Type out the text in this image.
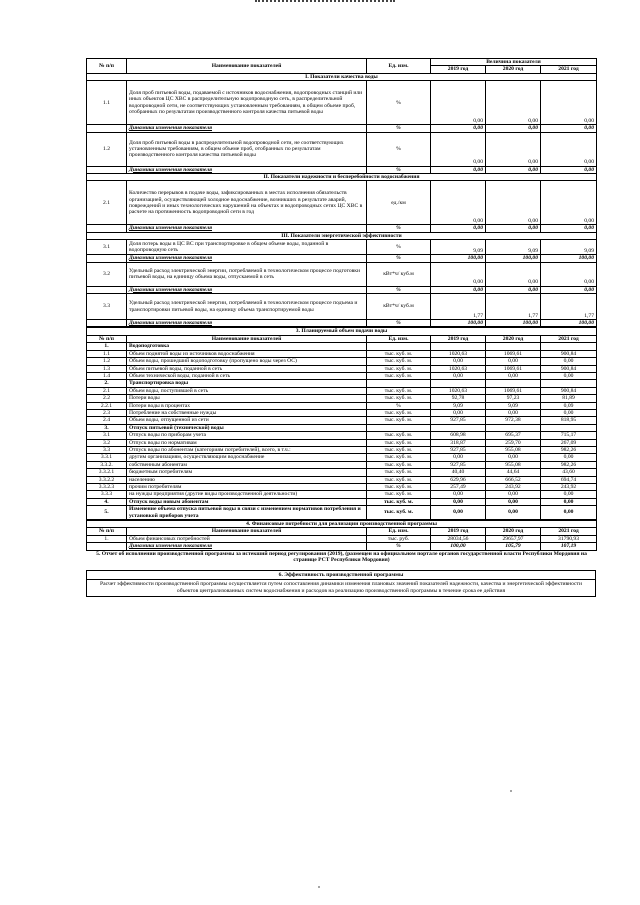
№ п/п	Наименование показателей	Ед. изм.	Величина показателя		
			2019 год	2020 год	2021 год
I. Показатели качества воды					
1.1	Доля проб питьевой воды, подаваемой с источников водоснабжения, водопроводных станций или иных объектов ЦС ХВС в распределительную водопроводную сеть, в распределительной водопроводной сети, не соответствующих установленным требованиям, в общем объеме проб, отобранных по результатам производственного контроля качества питьевой воды	%	0,00	0,00	0,00
	Динамика изменения показателя	%	0,00	0,00	0,00
1.2	Доля проб питьевой воды в распределительной водопроводной сети, не соответствующих установленным требованиям, в общем объеме проб, отобранных по результатам производственного контроля качества питьевой воды	%	0,00	0,00	0,00
	Динамика изменения показателя	%	0,00	0,00	0,00
II. Показатели надежности и бесперебойности водоснабжения					
2.1	Количество перерывов в подаче воды, зафиксированных в местах исполнения обязательств организацией, осуществляющей холодное водоснабжение, возникших в результате аварий, повреждений и иных технологических нарушений на объектах и водопроводных сетях ЦС ХВС в расчете на протяженность водопроводной сети в год	ед./км	0,00	0,00	0,00
	Динамика изменения показателя	%	0,00	0,00	0,00
III. Показатели энергетической эффективности					
3.1	Доля потерь воды в ЦС ВС при транспортировке в общем объеме воды, поданной в водопроводную сеть	%	9,09	9,09	9,09
	Динамика изменения показателя	%	100,00	100,00	100,00
3.2	Удельный расход электрической энергии, потребляемой в технологическом процессе подготовки питьевой воды, на единицу объема воды, отпускаемой в сеть	кВт*ч/ куб.м	0,00	0,00	0,00
	Динамика изменения показателя	%	0,00	0,00	0,00
3.3	Удельный расход электрической энергии, потребляемой в технологическом процессе подъема и транспортировки питьевой воды, на единицу объема транспортируемой воды	кВт*ч/ куб.м	1,77	1,77	1,77
	Динамика изменения показателя	%	100,00	100,00	100,00
3. Планируемый объем подачи воды					
№ п/п	Наименование показателей	Ед. изм.	2019 год	2020 год	2021 год
1.	Водоподготовка				
1.1	Объем поднятой воды из источников водоснабжения	тыс. куб. м.	1020,63	1069,61	900,84
1.2	Объем воды, прошедший водоподготовку (пропущено воды через ОС)	тыс. куб. м.	0,00	0,00	0,00
1.3	Объем питьевой воды, поданной в сеть	тыс. куб. м.	1020,63	1069,61	900,84
1.4	Объем технической воды, поданной в сеть	тыс. куб. м.	0,00	0,00	0,00
2.	Транспортировка воды				
2.1	Объем воды, поступившей в сеть	тыс. куб. м.	1020,63	1069,61	900,84
2.2	Потери воды	тыс. куб. м.	92,78	97,23	81,89
2.2.1	Потери воды в процентах	%	9,09	9,09	0,09
2.3	Потребление на собственные нужды	тыс. куб. м.	0,00	0,00	0,00
2.4	Объем воды, отпущенной из сети	тыс. куб. м.	927,85	972,38	818,95
3.	Отпуск питьевой (технической) воды				
3.1	Отпуск воды по приборам учета	тыс. куб. м.	608,98	695,37	715,17
3.2	Отпуск воды по нормативам	тыс. куб. м.	318,87	259,70	267,09
3.3	Отпуск воды по абонентам (категориям потребителей), всего, в т.ч.:	тыс. куб. м.	927,85	955,08	982,26
3.3.1	другим организациям, осуществляющим водоснабжение	тыс. куб. м.	0,00	0,00	0,00
3.3.2.	собственным абонентам	тыс. куб. м.	927,85	955,08	982,26
3.3.2.1	бюджетным потребителям	тыс. куб. м.	40,40	44,64	43,60
3.3.2.2	населению	тыс. куб. м.	629,96	666,52	694,74
3.3.2.3	прочим потребителям	тыс. куб. м.	257,49	243,92	243,92
3.3.3	на нужды предприятия (другие виды производственной деятельности)	тыс. куб. м.	0,00	0,00	0,00
4.	Отпуск воды новым абонентам	тыс. куб. м.	0,00	0,00	0,00
5.	Изменение объема отпуска питьевой воды в связи с изменением нормативов потребления и установкой приборов учета	тыс. куб. м.	0,00	0,00	0,00
4. Финансовые потребности для реализации производственной программы					
№ п/п	Наименование показателей	Ед. изм.	2019 год	2020 год	2021 год
1.	Объем финансовых потребностей	тыс. руб.	28034,56	29657,97	31790,93
	Динамика изменения показателя	%	100,00	105,79	107,19
5. Отчет об исполнении производственной программы за истекший период регулирования (2019), (размещен на официальном портале органов государственной власти Республики Мордовия на странице РСТ Республики Мордовия)					
6. Эффективность производственной программы
Расчет эффективности производственной программы осуществляется путем сопоставления динамики изменения плановых значений показателей надежности, качества и энергетической эффективности объектов централизованных систем водоснабжения и расходов на реализацию производственной программы в течение срока ее действия
